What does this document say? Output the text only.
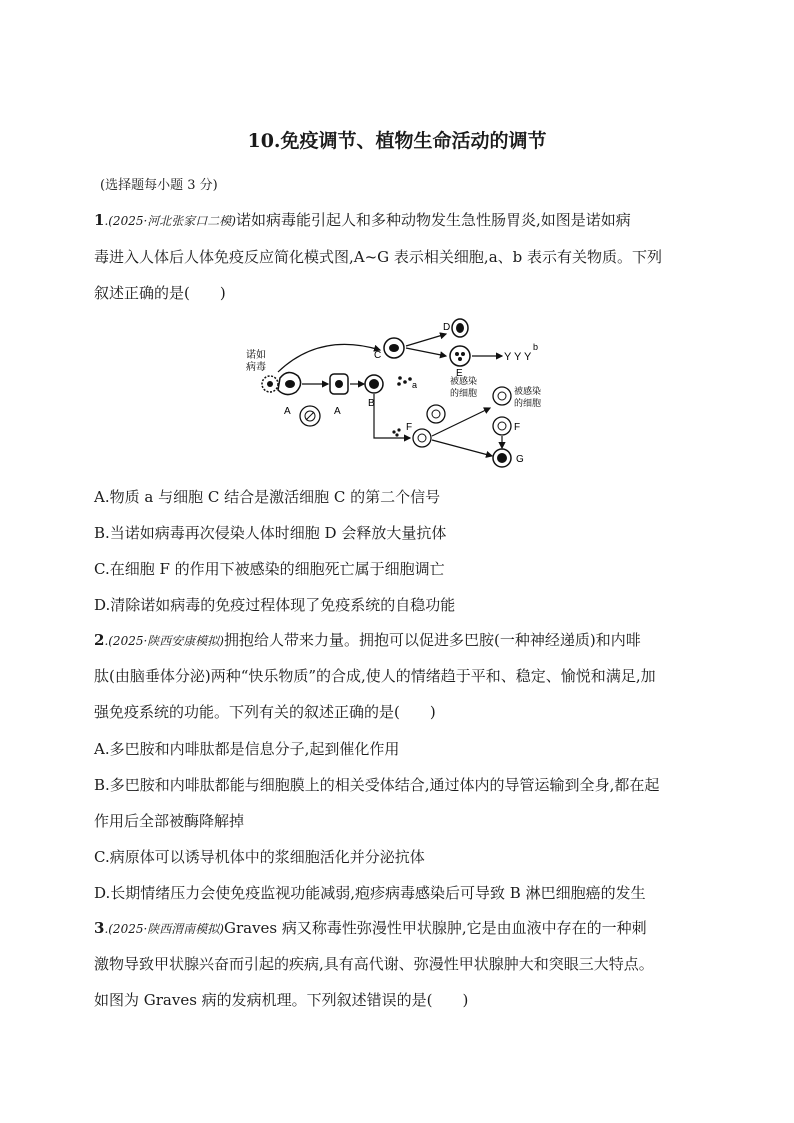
10.免疫调节、植物生命活动的调节
(选择题每小题 3 分)
1.(2025·河北张家口二模)诺如病毒能引起人和多种动物发生急性肠胃炎,如图是诺如病
毒进入人体后人体免疫反应简化模式图,A~G 表示相关细胞,a、b 表示有关物质。下列
叙述正确的是(　　)
诺如
病毒
A	A
B
a
C
D
E
Y Y Y
b
被感染
的细胞	被感染
的细胞
F	F
G
A.物质 a 与细胞 C 结合是激活细胞 C 的第二个信号
B.当诺如病毒再次侵染人体时细胞 D 会释放大量抗体
C.在细胞 F 的作用下被感染的细胞死亡属于细胞调亡
D.清除诺如病毒的免疫过程体现了免疫系统的自稳功能
2.(2025·陕西安康模拟)拥抱给人带来力量。拥抱可以促进多巴胺(一种神经递质)和内啡
肽(由脑垂体分泌)两种“快乐物质”的合成,使人的情绪趋于平和、稳定、愉悦和满足,加
强免疫系统的功能。下列有关的叙述正确的是(　　)
A.多巴胺和内啡肽都是信息分子,起到催化作用
B.多巴胺和内啡肽都能与细胞膜上的相关受体结合,通过体内的导管运输到全身,都在起
作用后全部被酶降解掉
C.病原体可以诱导机体中的浆细胞活化并分泌抗体
D.长期情绪压力会使免疫监视功能减弱,疱疹病毒感染后可导致 B 淋巴细胞癌的发生
3.(2025·陕西渭南模拟)Graves 病又称毒性弥漫性甲状腺肿,它是由血液中存在的一种刺
激物导致甲状腺兴奋而引起的疾病,具有高代谢、弥漫性甲状腺肿大和突眼三大特点。
如图为 Graves 病的发病机理。下列叙述错误的是(　　)
